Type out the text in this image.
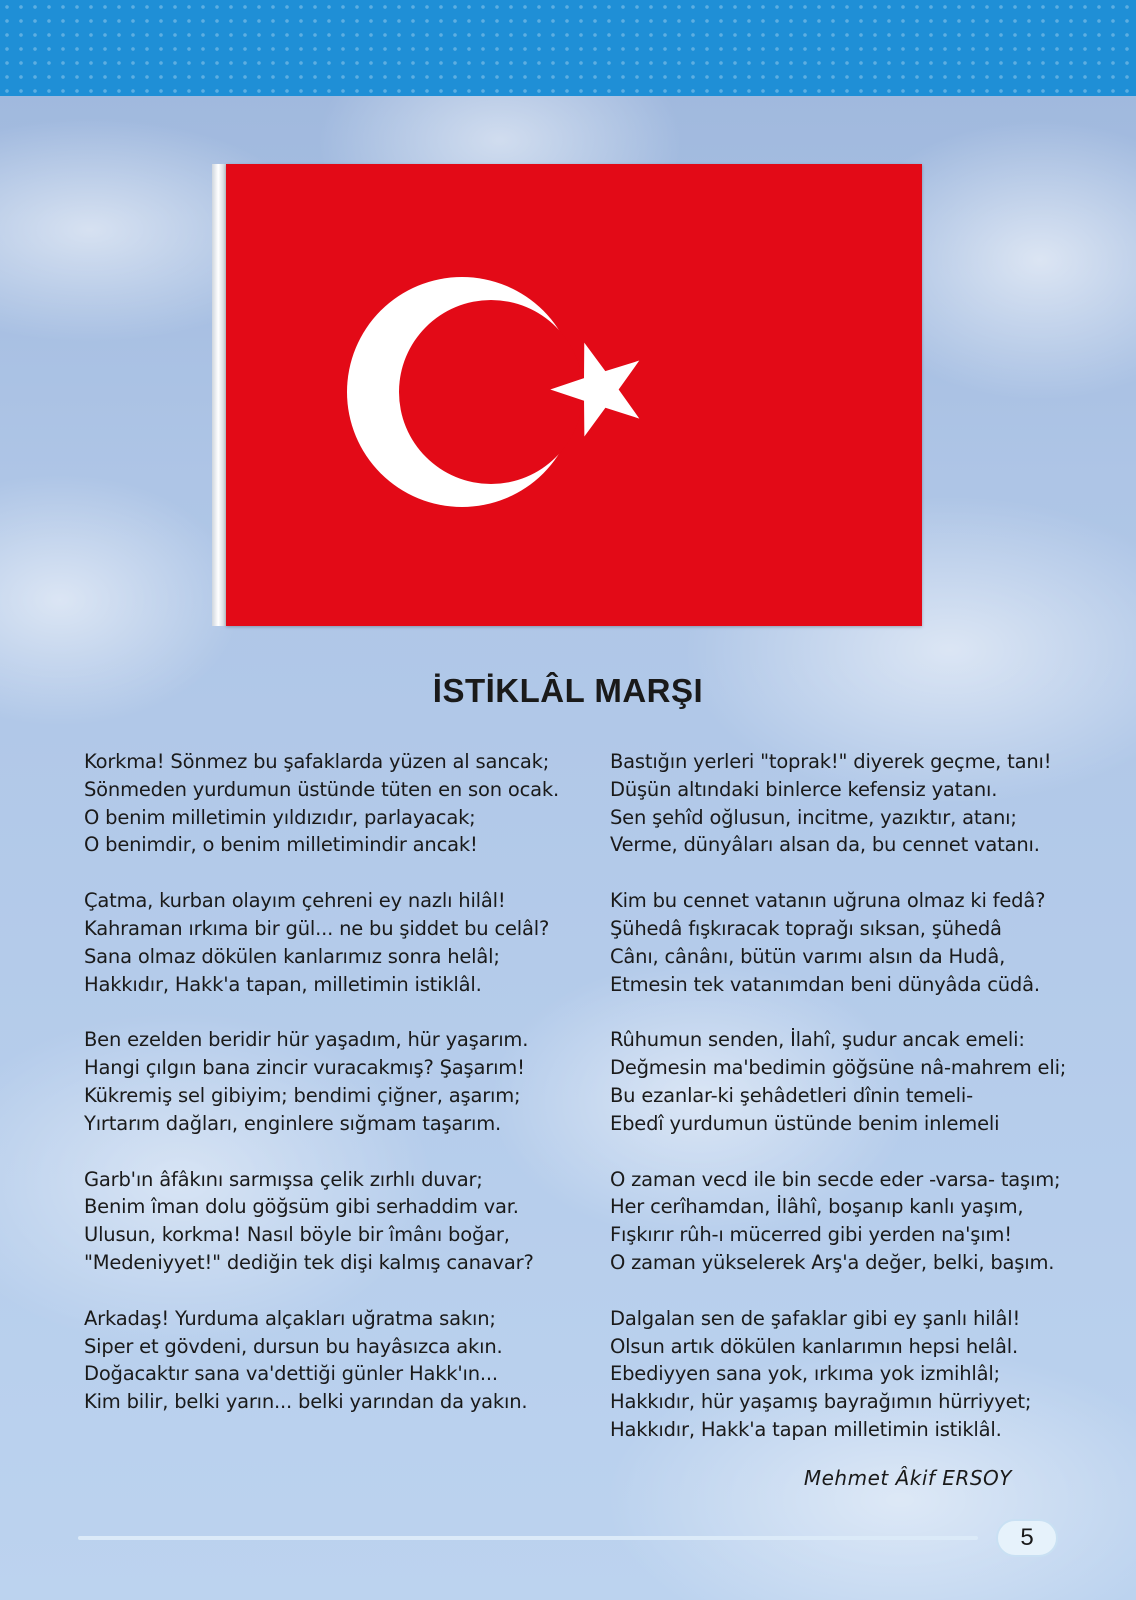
İSTİKLÂL MARŞI
Korkma! Sönmez bu şafaklarda yüzen al sancak;
Sönmeden yurdumun üstünde tüten en son ocak.
O benim milletimin yıldızıdır, parlayacak;
O benimdir, o benim milletimindir ancak!
Çatma, kurban olayım çehreni ey nazlı hilâl!
Kahraman ırkıma bir gül... ne bu şiddet bu celâl?
Sana olmaz dökülen kanlarımız sonra helâl;
Hakkıdır, Hakk'a tapan, milletimin istiklâl.
Ben ezelden beridir hür yaşadım, hür yaşarım.
Hangi çılgın bana zincir vuracakmış? Şaşarım!
Kükremiş sel gibiyim; bendimi çiğner, aşarım;
Yırtarım dağları, enginlere sığmam taşarım.
Garb'ın âfâkını sarmışsa çelik zırhlı duvar;
Benim îman dolu göğsüm gibi serhaddim var.
Ulusun, korkma! Nasıl böyle bir îmânı boğar,
"Medeniyyet!" dediğin tek dişi kalmış canavar?
Arkadaş! Yurduma alçakları uğratma sakın;
Siper et gövdeni, dursun bu hayâsızca akın.
Doğacaktır sana va'dettiği günler Hakk'ın...
Kim bilir, belki yarın... belki yarından da yakın.
Bastığın yerleri "toprak!" diyerek geçme, tanı!
Düşün altındaki binlerce kefensiz yatanı.
Sen şehîd oğlusun, incitme, yazıktır, atanı;
Verme, dünyâları alsan da, bu cennet vatanı.
Kim bu cennet vatanın uğruna olmaz ki fedâ?
Şühedâ fışkıracak toprağı sıksan, şühedâ
Cânı, cânânı, bütün varımı alsın da Hudâ,
Etmesin tek vatanımdan beni dünyâda cüdâ.
Rûhumun senden, İlahî, şudur ancak emeli:
Değmesin ma'bedimin göğsüne nâ-mahrem eli;
Bu ezanlar-ki şehâdetleri dînin temeli-
Ebedî yurdumun üstünde benim inlemeli
O zaman vecd ile bin secde eder -varsa- taşım;
Her cerîhamdan, İlâhî, boşanıp kanlı yaşım,
Fışkırır rûh-ı mücerred gibi yerden na'şım!
O zaman yükselerek Arş'a değer, belki, başım.
Dalgalan sen de şafaklar gibi ey şanlı hilâl!
Olsun artık dökülen kanlarımın hepsi helâl.
Ebediyyen sana yok, ırkıma yok izmihlâl;
Hakkıdır, hür yaşamış bayrağımın hürriyyet;
Hakkıdır, Hakk'a tapan milletimin istiklâl.
Mehmet Âkif ERSOY
5
